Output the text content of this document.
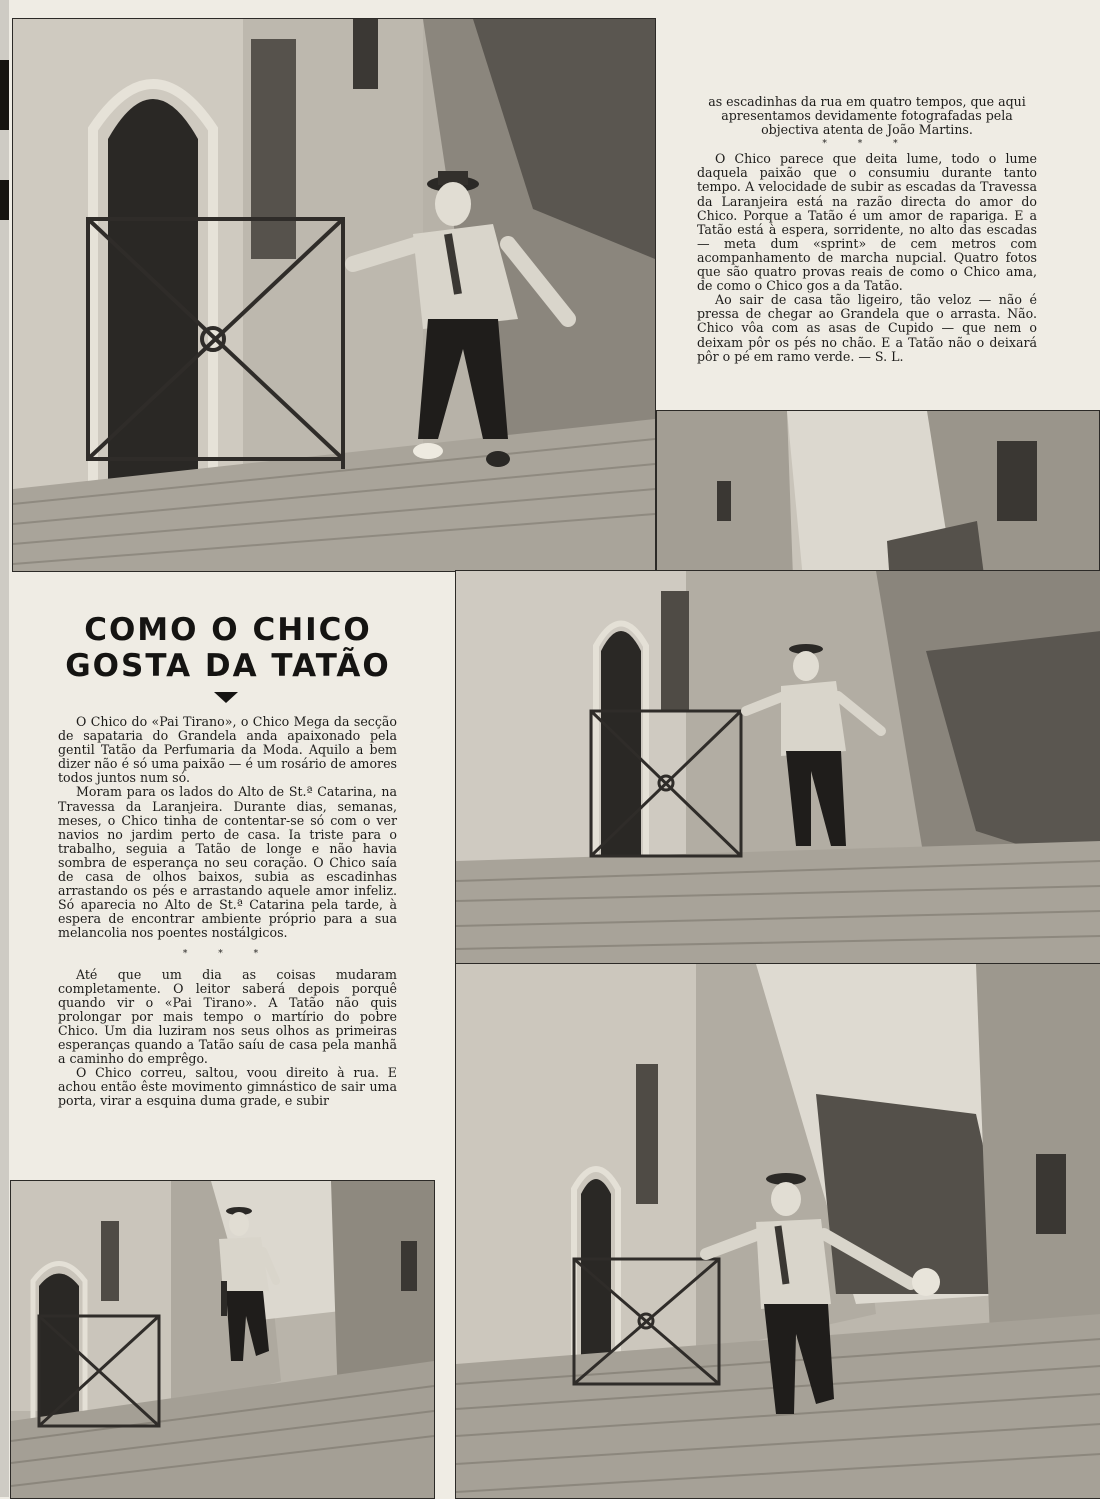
as escadinhas da rua em quatro tempos, que aqui apresentamos devidamente fotografadas pela objectiva atenta de João Martins.

* * *

O Chico parece que deita lume, todo o lume daquela paixão que o consumiu durante tanto tempo. A velocidade de subir as escadas da Travessa da Laranjeira está na razão directa do amor do Chico. Porque a Tatão é um amor de rapariga. E a Tatão está à espera, sorridente, no alto das escadas — meta dum «sprint» de cem metros com acompanhamento de marcha nupcial. Quatro fotos que são quatro provas reais de como o Chico ama, de como o Chico gos a da Tatão.

Ao sair de casa tão ligeiro, tão veloz — não é pressa de chegar ao Grandela que o arrasta. Não. Chico vôa com as asas de Cupido — que nem o deixam pôr os pés no chão. E a Tatão não o deixará pôr o pé em ramo verde. — S. L.

COMO O CHICO
GOSTA DA TATÃO

O Chico do «Pai Tirano», o Chico Mega da secção de sapataria do Grandela anda apaixonado pela gentil Tatão da Perfumaria da Moda. Aquilo a bem dizer não é só uma paixão — é um rosário de amores todos juntos num só.

Moram para os lados do Alto de St.ª Catarina, na Travessa da Laranjeira. Durante dias, semanas, meses, o Chico tinha de contentar-se só com o ver navios no jardim perto de casa. Ia triste para o trabalho, seguia a Tatão de longe e não havia sombra de esperança no seu coração. O Chico saía de casa de olhos baixos, subia as escadinhas arrastando os pés e arrastando aquele amor infeliz. Só aparecia no Alto de St.ª Catarina pela tarde, à espera de encontrar ambiente próprio para a sua melancolia nos poentes nostálgicos.

* * *

Até que um dia as coisas mudaram completamente. O leitor saberá depois porquê quando vir o «Pai Tirano». A Tatão não quis prolongar por mais tempo o martírio do pobre Chico. Um dia luziram nos seus olhos as primeiras esperanças quando a Tatão saíu de casa pela manhã a caminho do emprêgo.

O Chico correu, saltou, voou direito à rua. E achou então êste movimento gimnástico de sair uma porta, virar a esquina duma grade, e subir
